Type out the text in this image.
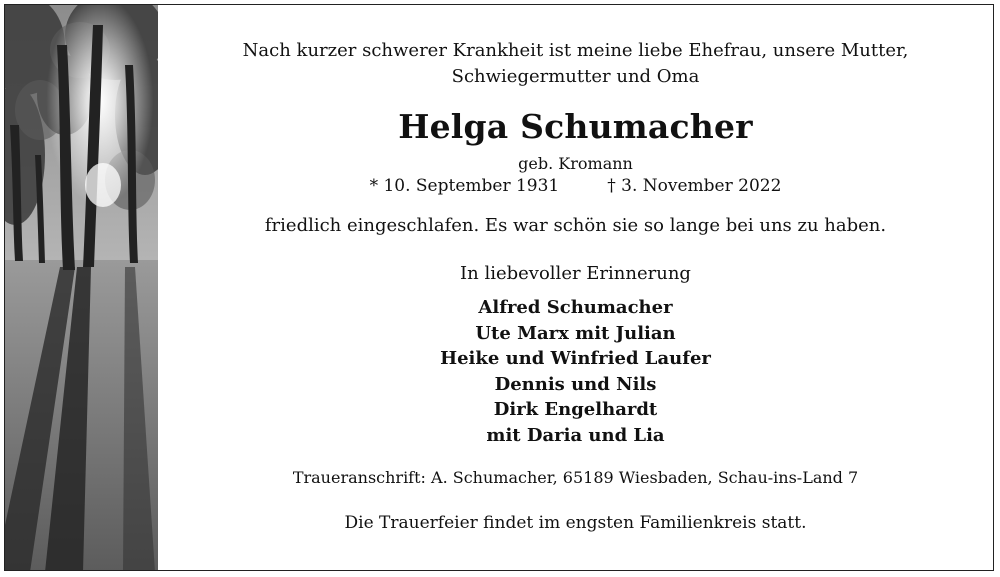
Nach kurzer schwerer Krankheit ist meine liebe Ehefrau, unsere Mutter,
Schwiegermutter und Oma
Helga Schumacher
geb. Kromann
* 10. September 1931	† 3. November 2022
friedlich eingeschlafen. Es war schön sie so lange bei uns zu haben.
In liebevoller Erinnerung
Alfred Schumacher
Ute Marx mit Julian
Heike und Winfried Laufer
Dennis und Nils
Dirk Engelhardt
mit Daria und Lia
Traueranschrift: A. Schumacher, 65189 Wiesbaden, Schau-ins-Land 7
Die Trauerfeier findet im engsten Familienkreis statt.
